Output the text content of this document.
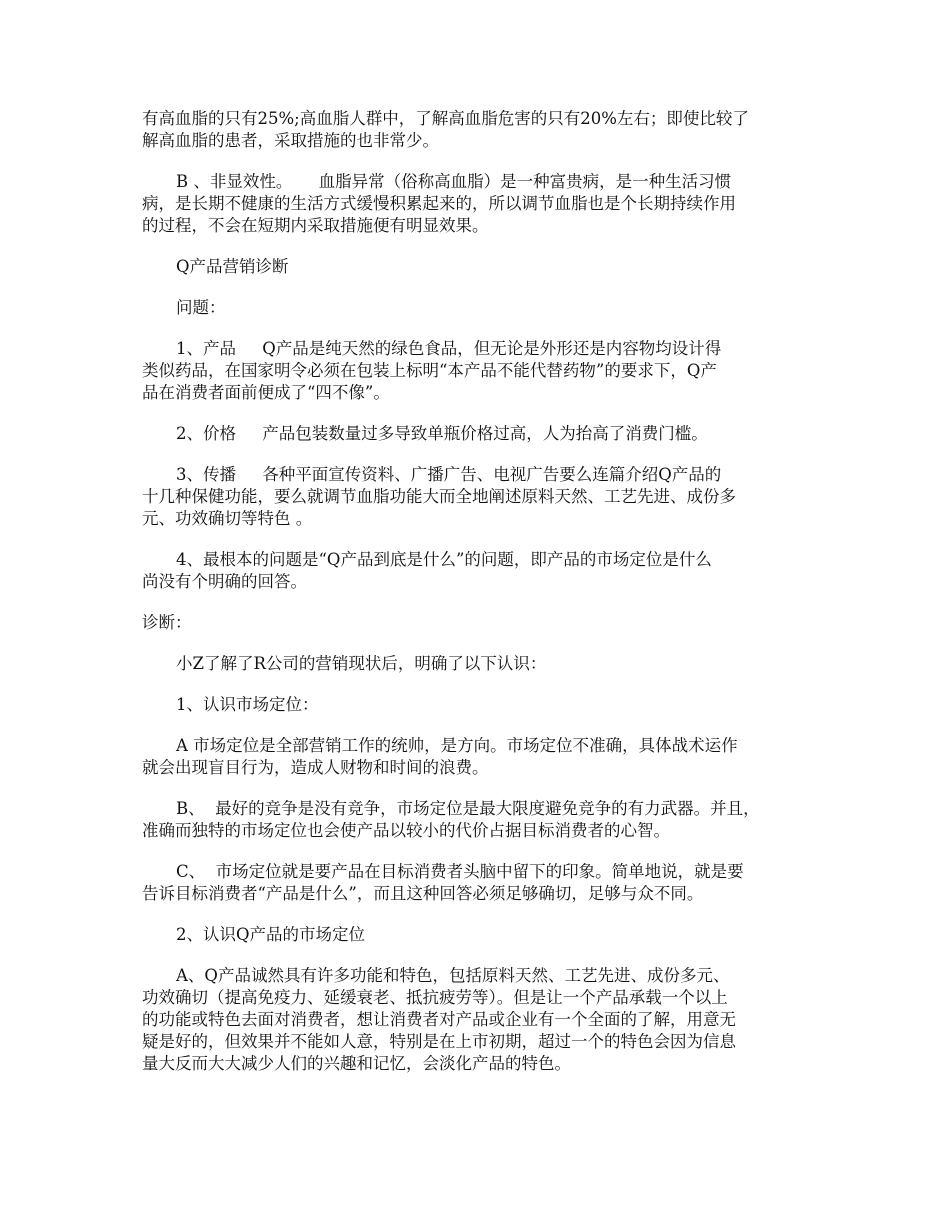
有高血脂的只有25%;高血脂人群中，了解高血脂危害的只有20%左右；即使比较了
解高血脂的患者，采取措施的也非常少。
B 、非显效性。     血脂异常（俗称高血脂）是一种富贵病，是一种生活习惯
病，是长期不健康的生活方式缓慢积累起来的，所以调节血脂也是个长期持续作用
的过程，不会在短期内采取措施便有明显效果。
Q产品营销诊断
问题：
1、产品     Q产品是纯天然的绿色食品，但无论是外形还是内容物均设计得
类似药品，在国家明令必须在包装上标明“本产品不能代替药物”的要求下，Q产
品在消费者面前便成了“四不像”。
2、价格     产品包装数量过多导致单瓶价格过高，人为抬高了消费门槛。
3、传播     各种平面宣传资料、广播广告、电视广告要么连篇介绍Q产品的
十几种保健功能，要么就调节血脂功能大而全地阐述原料天然、工艺先进、成份多
元、功效确切等特色 。
4、最根本的问题是“Q产品到底是什么”的问题，即产品的市场定位是什么
尚没有个明确的回答。
诊断：
小Z了解了R公司的营销现状后，明确了以下认识：
1、认识市场定位：
A 市场定位是全部营销工作的统帅，是方向。市场定位不准确，具体战术运作
就会出现盲目行为，造成人财物和时间的浪费。
B、  最好的竞争是没有竞争，市场定位是最大限度避免竞争的有力武器。并且，
准确而独特的市场定位也会使产品以较小的代价占据目标消费者的心智。
C、  市场定位就是要产品在目标消费者头脑中留下的印象。简单地说，就是要
告诉目标消费者“产品是什么”，而且这种回答必须足够确切，足够与众不同。
2、认识Q产品的市场定位
A、Q产品诚然具有许多功能和特色，包括原料天然、工艺先进、成份多元、
功效确切（提高免疫力、延缓衰老、抵抗疲劳等）。但是让一个产品承载一个以上
的功能或特色去面对消费者，想让消费者对产品或企业有一个全面的了解，用意无
疑是好的，但效果并不能如人意，特别是在上市初期，超过一个的特色会因为信息
量大反而大大减少人们的兴趣和记忆，会淡化产品的特色。
